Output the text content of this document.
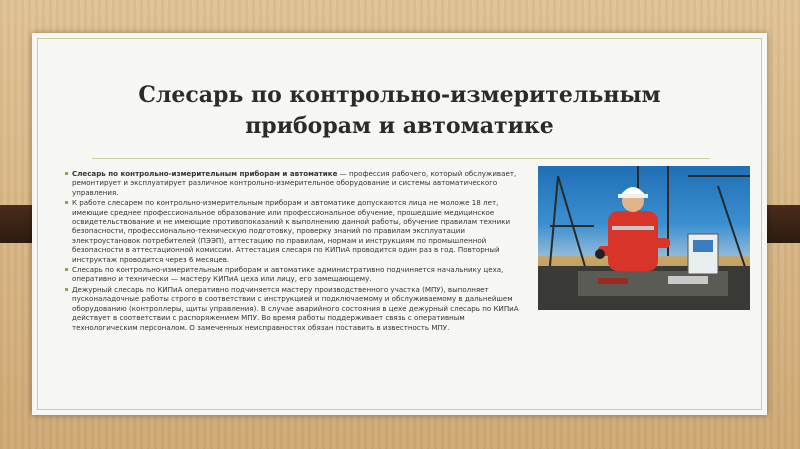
Слесарь по контрольно-измерительным
приборам и автоматике

Слесарь по контрольно-измерительным приборам и автоматике — профессия рабочего, который обслуживает, ремонтирует и эксплуатирует различное контрольно-измерительное оборудование и системы автоматического управления.

К работе слесарем по контрольно-измерительным приборам и автоматике допускаются лица не моложе 18 лет, имеющие среднее профессиональное образование или профессиональное обучение, прошедшие медицинское освидетельствование и не имеющие противопоказаний к выполнению данной работы, обучение правилам техники безопасности, профессионально-техническую подготовку, проверку знаний по правилам эксплуатации электроустановок потребителей (ПЭЭП), аттестацию по правилам, нормам и инструкциям по промышленной безопасности в аттестационной комиссии. Аттестация слесаря по КИПиА проводится один раз в год. Повторный инструктаж проводится через 6 месяцев.

Слесарь по контрольно-измерительным приборам и автоматике административно подчиняется начальнику цеха, оперативно и технически — мастеру КИПиА цеха или лицу, его замещающему.

Дежурный слесарь по КИПиА оперативно подчиняется мастеру производственного участка (МПУ), выполняет пусконаладочные работы строго в соответствии с инструкцией и подключаемому и обслуживаемому в дальнейшем оборудованию (контроллеры, щиты управления). В случае аварийного состояния в цехе дежурный слесарь по КИПиА действует в соответствии с распоряжением МПУ. Во время работы поддерживает связь с оперативным технологическим персоналом. О замеченных неисправностях обязан поставить в известность МПУ.
